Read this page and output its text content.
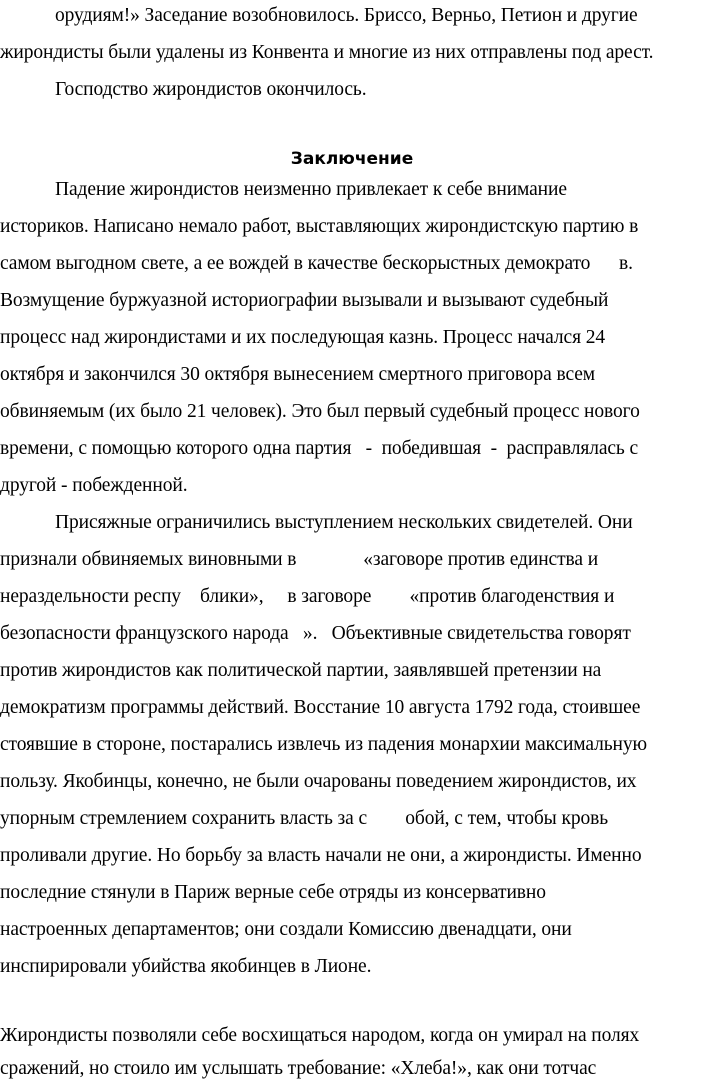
орудиям!» Заседание возобновилось. Бриссо, Верньо, Петион и другие
жирондисты были удалены из Конвента и многие из них отправлены под арест.
Господство жирондистов окончилось.
Заключение
Падение жирондистов неизменно привлекает к себе внимание
историков. Написано немало работ, выставляющих жирондистскую партию в
самом выгодном свете, а ее вождей в качестве бескорыстных демократо      в.
Возмущение буржуазной историографии вызывали и вызывают судебный
процесс над жирондистами и их последующая казнь. Процесс начался 24
октября и закончился 30 октября вынесением смертного приговора всем
обвиняемым (их было 21 человек). Это был первый судебный процесс нового
времени, с помощью которого одна партия   -  победившая  -  расправлялась с
другой - побежденной.
Присяжные ограничились выступлением нескольких свидетелей. Они
признали обвиняемых виновными в              «заговоре против единства и
нераздельности респу    блики»,     в заговоре        «против благоденствия и
безопасности французского народа   ».   Объективные свидетельства говорят
против жирондистов как политической партии, заявлявшей претензии на
демократизм программы действий. Восстание 10 августа 1792 года, стоившее
стоявшие в стороне, постарались извлечь из падения монархии максимальную
пользу. Якобинцы, конечно, не были очарованы поведением жирондистов, их
упорным стремлением сохранить власть за с        обой, с тем, чтобы кровь
проливали другие. Но борьбу за власть начали не они, а жирондисты. Именно
последние стянули в Париж верные себе отряды из консервативно
настроенных департаментов; они создали Комиссию двенадцати, они
инспирировали убийства якобинцев в Лионе.
Жирондисты позволяли себе восхищаться народом, когда он умирал на полях
сражений, но стоило им услышать требование: «Хлеба!», как они тотчас
